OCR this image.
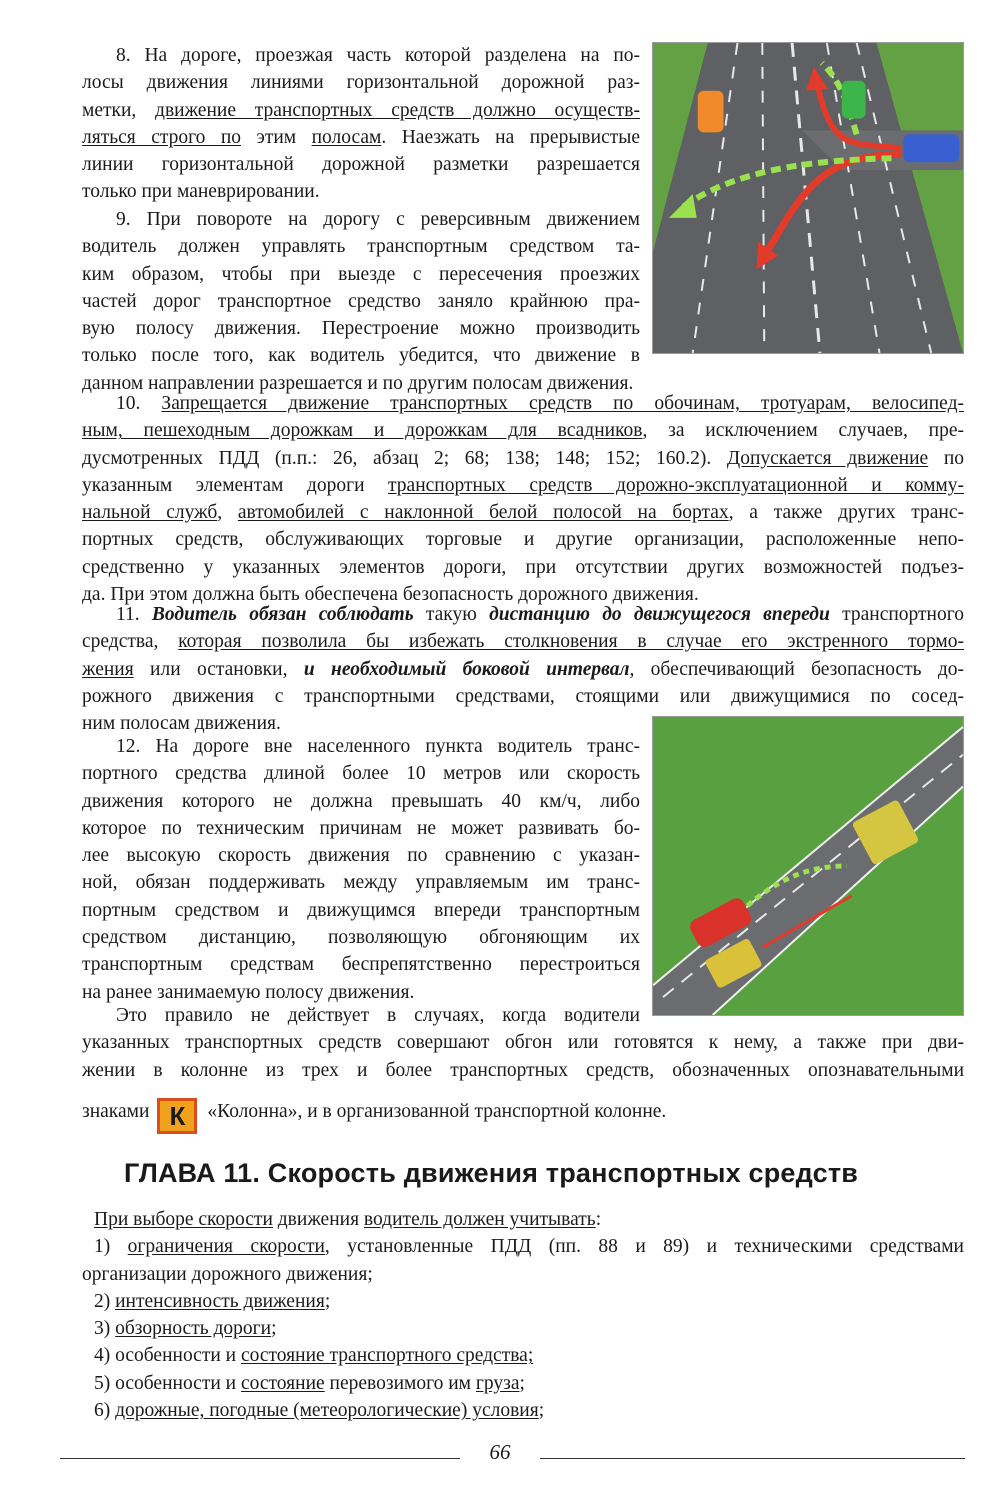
8. На дороге, проезжая часть которой разделена на по-
лосы движения линиями горизонтальной дорожной раз-
метки, движение транспортных средств должно осуществ-
ляться строго по этим полосам. Наезжать на прерывистые
линии горизонтальной дорожной разметки разрешается
только при маневрировании.
9. При повороте на дорогу с реверсивным движением
водитель должен управлять транспортным средством та-
ким образом, чтобы при выезде с пересечения проезжих
частей дорог транспортное средство заняло крайнюю пра-
вую полосу движения. Перестроение можно производить
только после того, как водитель убедится, что движение в
данном направлении разрешается и по другим полосам движения.
10. Запрещается движение транспортных средств по обочинам, тротуарам, велосипед-
ным, пешеходным дорожкам и дорожкам для всадников, за исключением случаев, пре-
дусмотренных ПДД (п.п.: 26, абзац 2; 68; 138; 148; 152; 160.2). Допускается движение по
указанным элементам дороги транспортных средств дорожно-эксплуатационной и комму-
нальной служб, автомобилей с наклонной белой полосой на бортах, а также других транс-
портных средств, обслуживающих торговые и другие организации, расположенные непо-
средственно у указанных элементов дороги, при отсутствии других возможностей подъез-
да. При этом должна быть обеспечена безопасность дорожного движения.
11. Водитель обязан соблюдать такую дистанцию до движущегося впереди транспортного
средства, которая позволила бы избежать столкновения в случае его экстренного тормо-
жения или остановки, и необходимый боковой интервал, обеспечивающий безопасность до-
рожного движения с транспортными средствами, стоящими или движущимися по сосед-
ним полосам движения.
12. На дороге вне населенного пункта водитель транс-
портного средства длиной более 10 метров или скорость
движения которого не должна превышать 40 км/ч, либо
которое по техническим причинам не может развивать бо-
лее высокую скорость движения по сравнению с указан-
ной, обязан поддерживать между управляемым им транс-
портным средством и движущимся впереди транспортным
средством дистанцию, позволяющую обгоняющим их
транспортным средствам беспрепятственно перестроиться
на ранее занимаемую полосу движения.
Это правило не действует в случаях, когда водители
указанных транспортных средств совершают обгон или готовятся к нему, а также при дви-
жении в колонне из трех и более транспортных средств, обозначенных опознавательными
знаками К «Колонна», и в организованной транспортной колонне.
ГЛАВА 11. Скорость движения транспортных средств
При выборе скорости движения водитель должен учитывать:
1) ограничения скорости, установленные ПДД (пп. 88 и 89) и техническими средствами
организации дорожного движения;
2) интенсивность движения;
3) обзорность дороги;
4) особенности и состояние транспортного средства;
5) особенности и состояние перевозимого им груза;
6) дорожные, погодные (метеорологические) условия;
66
